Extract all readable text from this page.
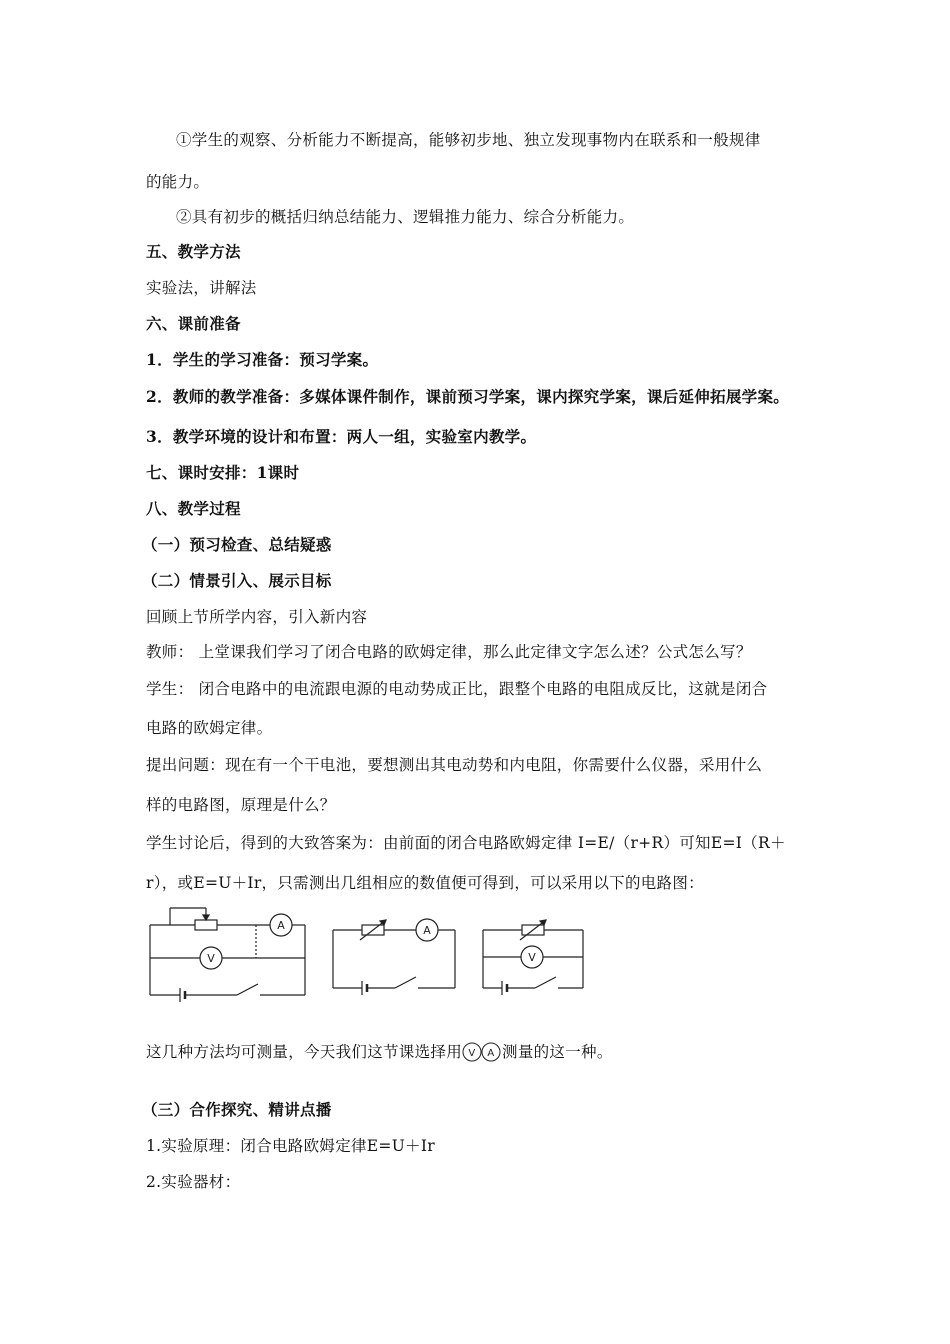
①学生的观察、分析能力不断提高，能够初步地、独立发现事物内在联系和一般规律
的能力。
②具有初步的概括归纳总结能力、逻辑推力能力、综合分析能力。
五、教学方法
实验法，讲解法
六、课前准备
1．学生的学习准备：预习学案。
2．教师的教学准备：多媒体课件制作，课前预习学案，课内探究学案，课后延伸拓展学案。
3．教学环境的设计和布置：两人一组，实验室内教学。
七、课时安排：1课时
八、教学过程
（一）预习检查、总结疑惑
（二）情景引入、展示目标
回顾上节所学内容，引入新内容
教师： 上堂课我们学习了闭合电路的欧姆定律，那么此定律文字怎么述？公式怎么写？
学生： 闭合电路中的电流跟电源的电动势成正比，跟整个电路的电阻成反比，这就是闭合
电路的欧姆定律。
提出问题：现在有一个干电池，要想测出其电动势和内电阻，你需要什么仪器，采用什么
样的电路图，原理是什么？
学生讨论后，得到的大致答案为：由前面的闭合电路欧姆定律 I=E/（r+R）可知E=I（R＋
r），或E=U＋Ir，只需测出几组相应的数值便可得到，可以采用以下的电路图：
A
V
A
V
这几种方法均可测量，今天我们这节课选择用 V A 测量的这一种。
（三）合作探究、精讲点播
1.实验原理：闭合电路欧姆定律E=U＋Ir
2.实验器材：
